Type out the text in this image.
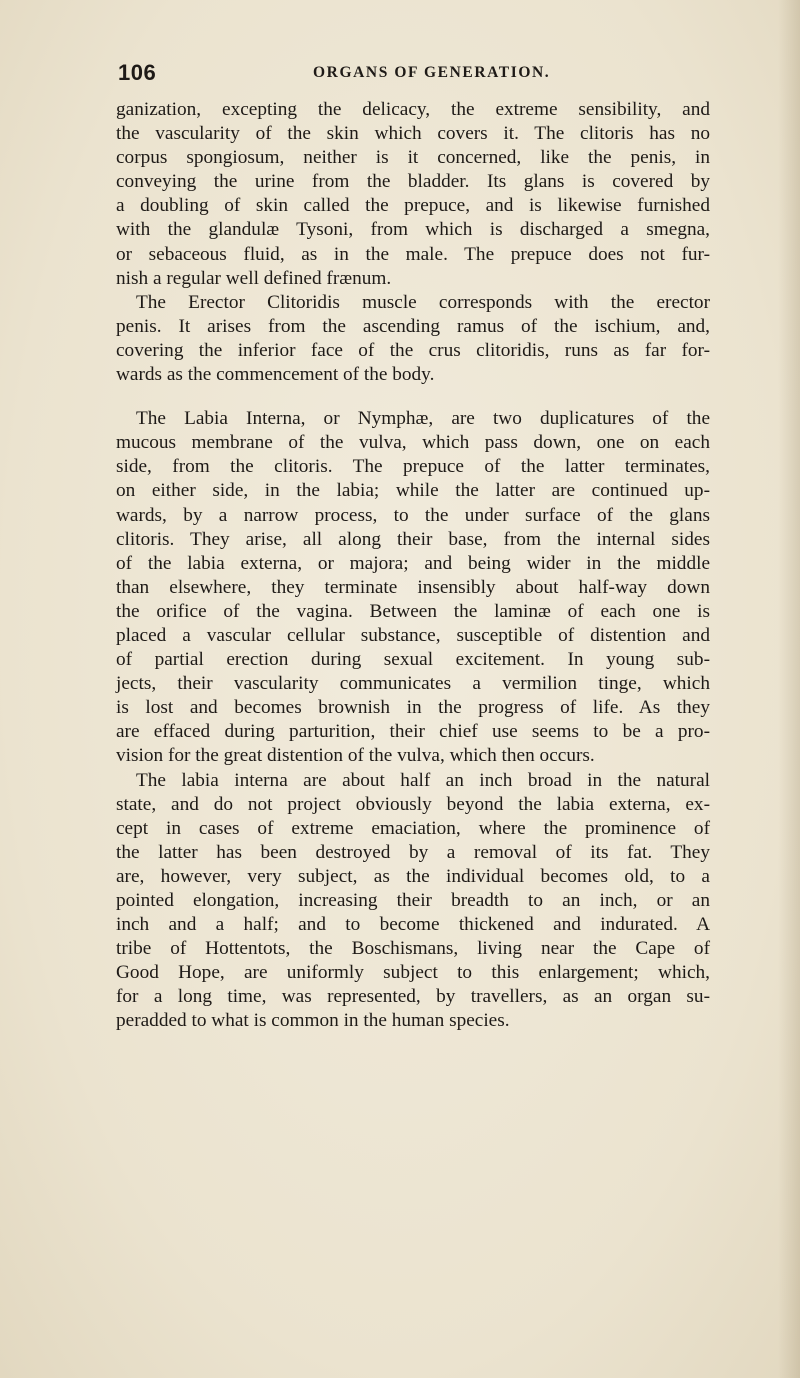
106	ORGANS OF GENERATION.
ganization, excepting the delicacy, the extreme sensibility, and
the vascularity of the skin which covers it. The clitoris has no
corpus spongiosum, neither is it concerned, like the penis, in
conveying the urine from the bladder. Its glans is covered by
a doubling of skin called the prepuce, and is likewise furnished
with the glandulæ Tysoni, from which is discharged a smegna,
or sebaceous fluid, as in the male. The prepuce does not fur-
nish a regular well defined frænum.
The Erector Clitoridis muscle corresponds with the erector
penis. It arises from the ascending ramus of the ischium, and,
covering the inferior face of the crus clitoridis, runs as far for-
wards as the commencement of the body.
The Labia Interna, or Nymphæ, are two duplicatures of the
mucous membrane of the vulva, which pass down, one on each
side, from the clitoris. The prepuce of the latter terminates,
on either side, in the labia; while the latter are continued up-
wards, by a narrow process, to the under surface of the glans
clitoris. They arise, all along their base, from the internal sides
of the labia externa, or majora; and being wider in the middle
than elsewhere, they terminate insensibly about half-way down
the orifice of the vagina. Between the laminæ of each one is
placed a vascular cellular substance, susceptible of distention and
of partial erection during sexual excitement. In young sub-
jects, their vascularity communicates a vermilion tinge, which
is lost and becomes brownish in the progress of life. As they
are effaced during parturition, their chief use seems to be a pro-
vision for the great distention of the vulva, which then occurs.
The labia interna are about half an inch broad in the natural
state, and do not project obviously beyond the labia externa, ex-
cept in cases of extreme emaciation, where the prominence of
the latter has been destroyed by a removal of its fat. They
are, however, very subject, as the individual becomes old, to a
pointed elongation, increasing their breadth to an inch, or an
inch and a half; and to become thickened and indurated. A
tribe of Hottentots, the Boschismans, living near the Cape of
Good Hope, are uniformly subject to this enlargement; which,
for a long time, was represented, by travellers, as an organ su-
peradded to what is common in the human species.
